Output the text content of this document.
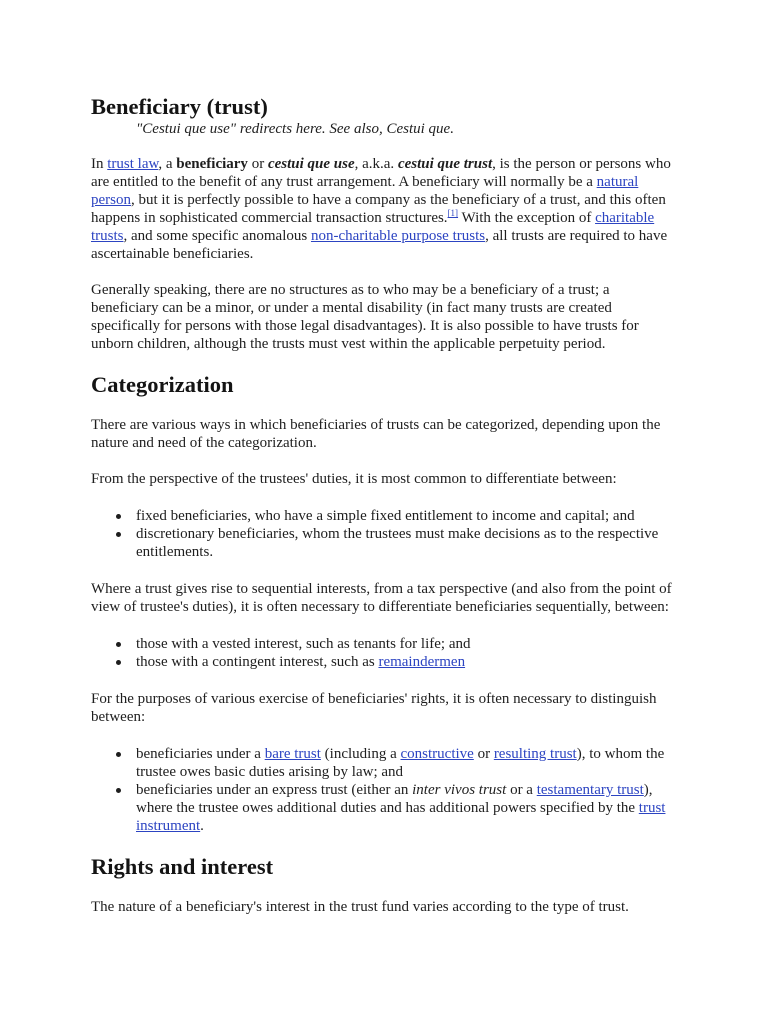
Beneficiary (trust)

"Cestui que use" redirects here. See also, Cestui que.

In trust law, a beneficiary or cestui que use, a.k.a. cestui que trust, is the person or persons who are entitled to the benefit of any trust arrangement. A beneficiary will normally be a natural person, but it is perfectly possible to have a company as the beneficiary of a trust, and this often happens in sophisticated commercial transaction structures.[1] With the exception of charitable trusts, and some specific anomalous non-charitable purpose trusts, all trusts are required to have ascertainable beneficiaries.

Generally speaking, there are no structures as to who may be a beneficiary of a trust; a beneficiary can be a minor, or under a mental disability (in fact many trusts are created specifically for persons with those legal disadvantages). It is also possible to have trusts for unborn children, although the trusts must vest within the applicable perpetuity period.

Categorization

There are various ways in which beneficiaries of trusts can be categorized, depending upon the nature and need of the categorization.

From the perspective of the trustees' duties, it is most common to differentiate between:

fixed beneficiaries, who have a simple fixed entitlement to income and capital; and
discretionary beneficiaries, whom the trustees must make decisions as to the respective entitlements.

Where a trust gives rise to sequential interests, from a tax perspective (and also from the point of view of trustee's duties), it is often necessary to differentiate beneficiaries sequentially, between:

those with a vested interest, such as tenants for life; and
those with a contingent interest, such as remaindermen

For the purposes of various exercise of beneficiaries' rights, it is often necessary to distinguish between:

beneficiaries under a bare trust (including a constructive or resulting trust), to whom the trustee owes basic duties arising by law; and
beneficiaries under an express trust (either an inter vivos trust or a testamentary trust), where the trustee owes additional duties and has additional powers specified by the trust instrument.
Rights and interest

The nature of a beneficiary's interest in the trust fund varies according to the type of trust.
